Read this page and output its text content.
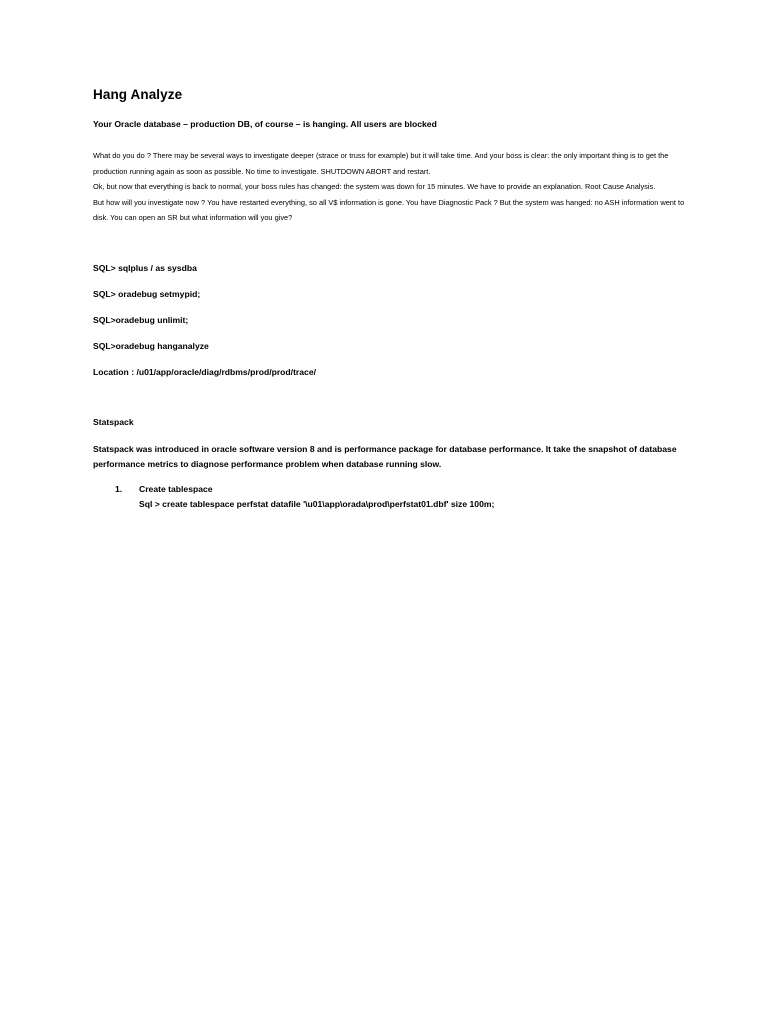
Hang Analyze
Your Oracle database – production DB, of course – is hanging. All users are blocked

What do you do ? There may be several ways to investigate deeper (strace or truss for example) but it will take time. And your boss is clear: the only important thing is to get the production running again as soon as possible. No time to investigate. SHUTDOWN ABORT and restart.

Ok, but now that everything is back to normal, your boss rules has changed: the system was down for 15 minutes. We have to provide an explanation. Root Cause Analysis.

But how will you investigate now ? You have restarted everything, so all V$ information is gone. You have Diagnostic Pack ? But the system was hanged: no ASH information went to disk. You can open an SR but what information will you give?

SQL> sqlplus / as sysdba
SQL> oradebug setmypid;
SQL>oradebug unlimit;
SQL>oradebug hanganalyze
Location : /u01/app/oracle/diag/rdbms/prod/prod/trace/
Statspack
Statspack was introduced in oracle software version 8 and is performance package for database performance. It take the snapshot of database performance metrics to diagnose performance problem when database running slow.
1.	Create tablespace
Sql > create tablespace perfstat datafile '\u01\app\orada\prod\perfstat01.dbf' size 100m;
